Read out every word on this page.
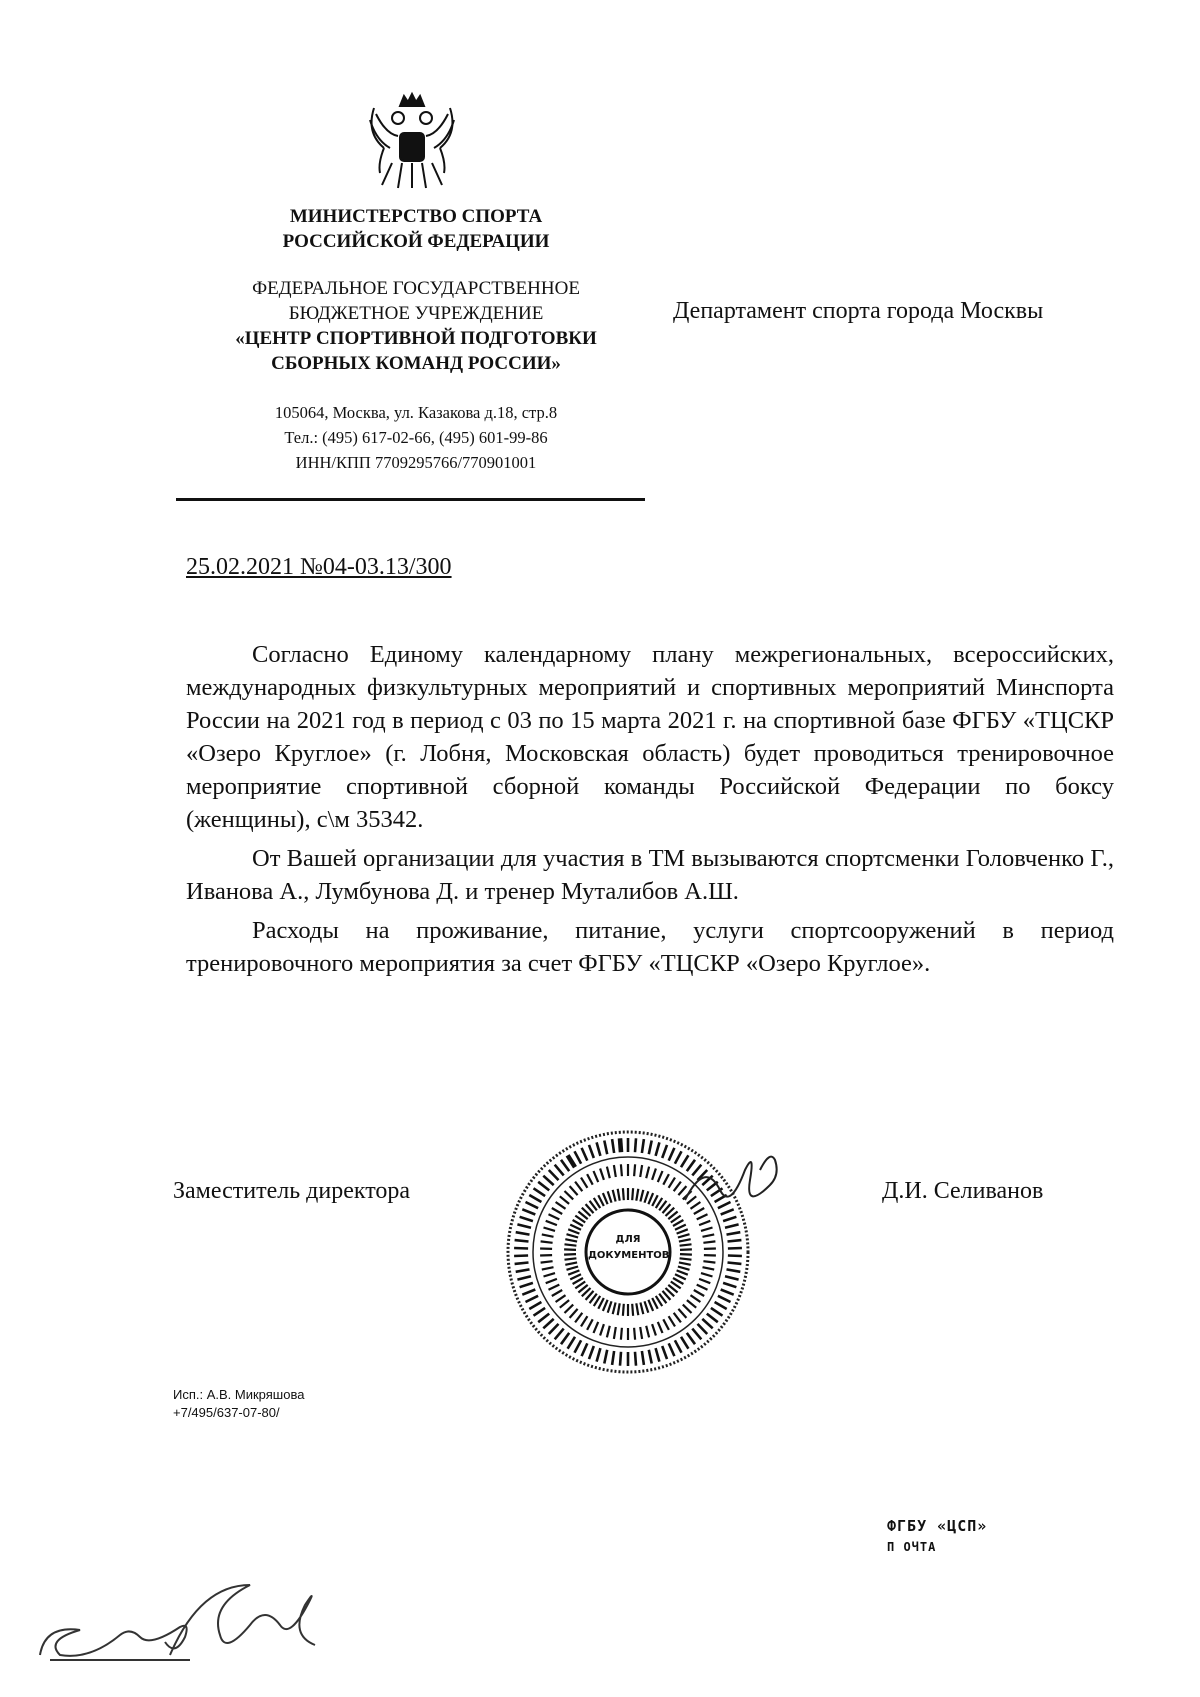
МИНИСТЕРСТВО СПОРТА
РОССИЙСКОЙ ФЕДЕРАЦИИ
ФЕДЕРАЛЬНОЕ ГОСУДАРСТВЕННОЕ
БЮДЖЕТНОЕ УЧРЕЖДЕНИЕ
«ЦЕНТР СПОРТИВНОЙ ПОДГОТОВКИ
СБОРНЫХ КОМАНД РОССИИ»
105064, Москва, ул. Казакова д.18, стр.8
Тел.: (495) 617-02-66, (495) 601-99-86
ИНН/КПП 7709295766/770901001
Департамент спорта города Москвы
25.02.2021 №04-03.13/300

Согласно Единому календарному плану межрегиональных, всероссийских, международных физкультурных мероприятий и спортивных мероприятий Минспорта России на 2021 год в период с 03 по 15 марта 2021 г. на спортивной базе ФГБУ «ТЦСКР «Озеро Круглое» (г. Лобня, Московская область) будет проводиться тренировочное мероприятие спортивной сборной команды Российской Федерации по боксу (женщины), с\м 35342.

От Вашей организации для участия в ТМ вызываются спортсменки Головченко Г., Иванова А., Лумбунова Д. и тренер Муталибов А.Ш.

Расходы на проживание, питание, услуги спортсооружений в период тренировочного мероприятия за счет ФГБУ «ТЦСКР «Озеро Круглое».

Заместитель директора	Д.И. Селиванов
ДЛЯ
ДОКУМЕНТОВ
Исп.: А.В. Микряшова
+7/495/637-07-80/
ФГБУ «ЦСП»
П ОЧТА
